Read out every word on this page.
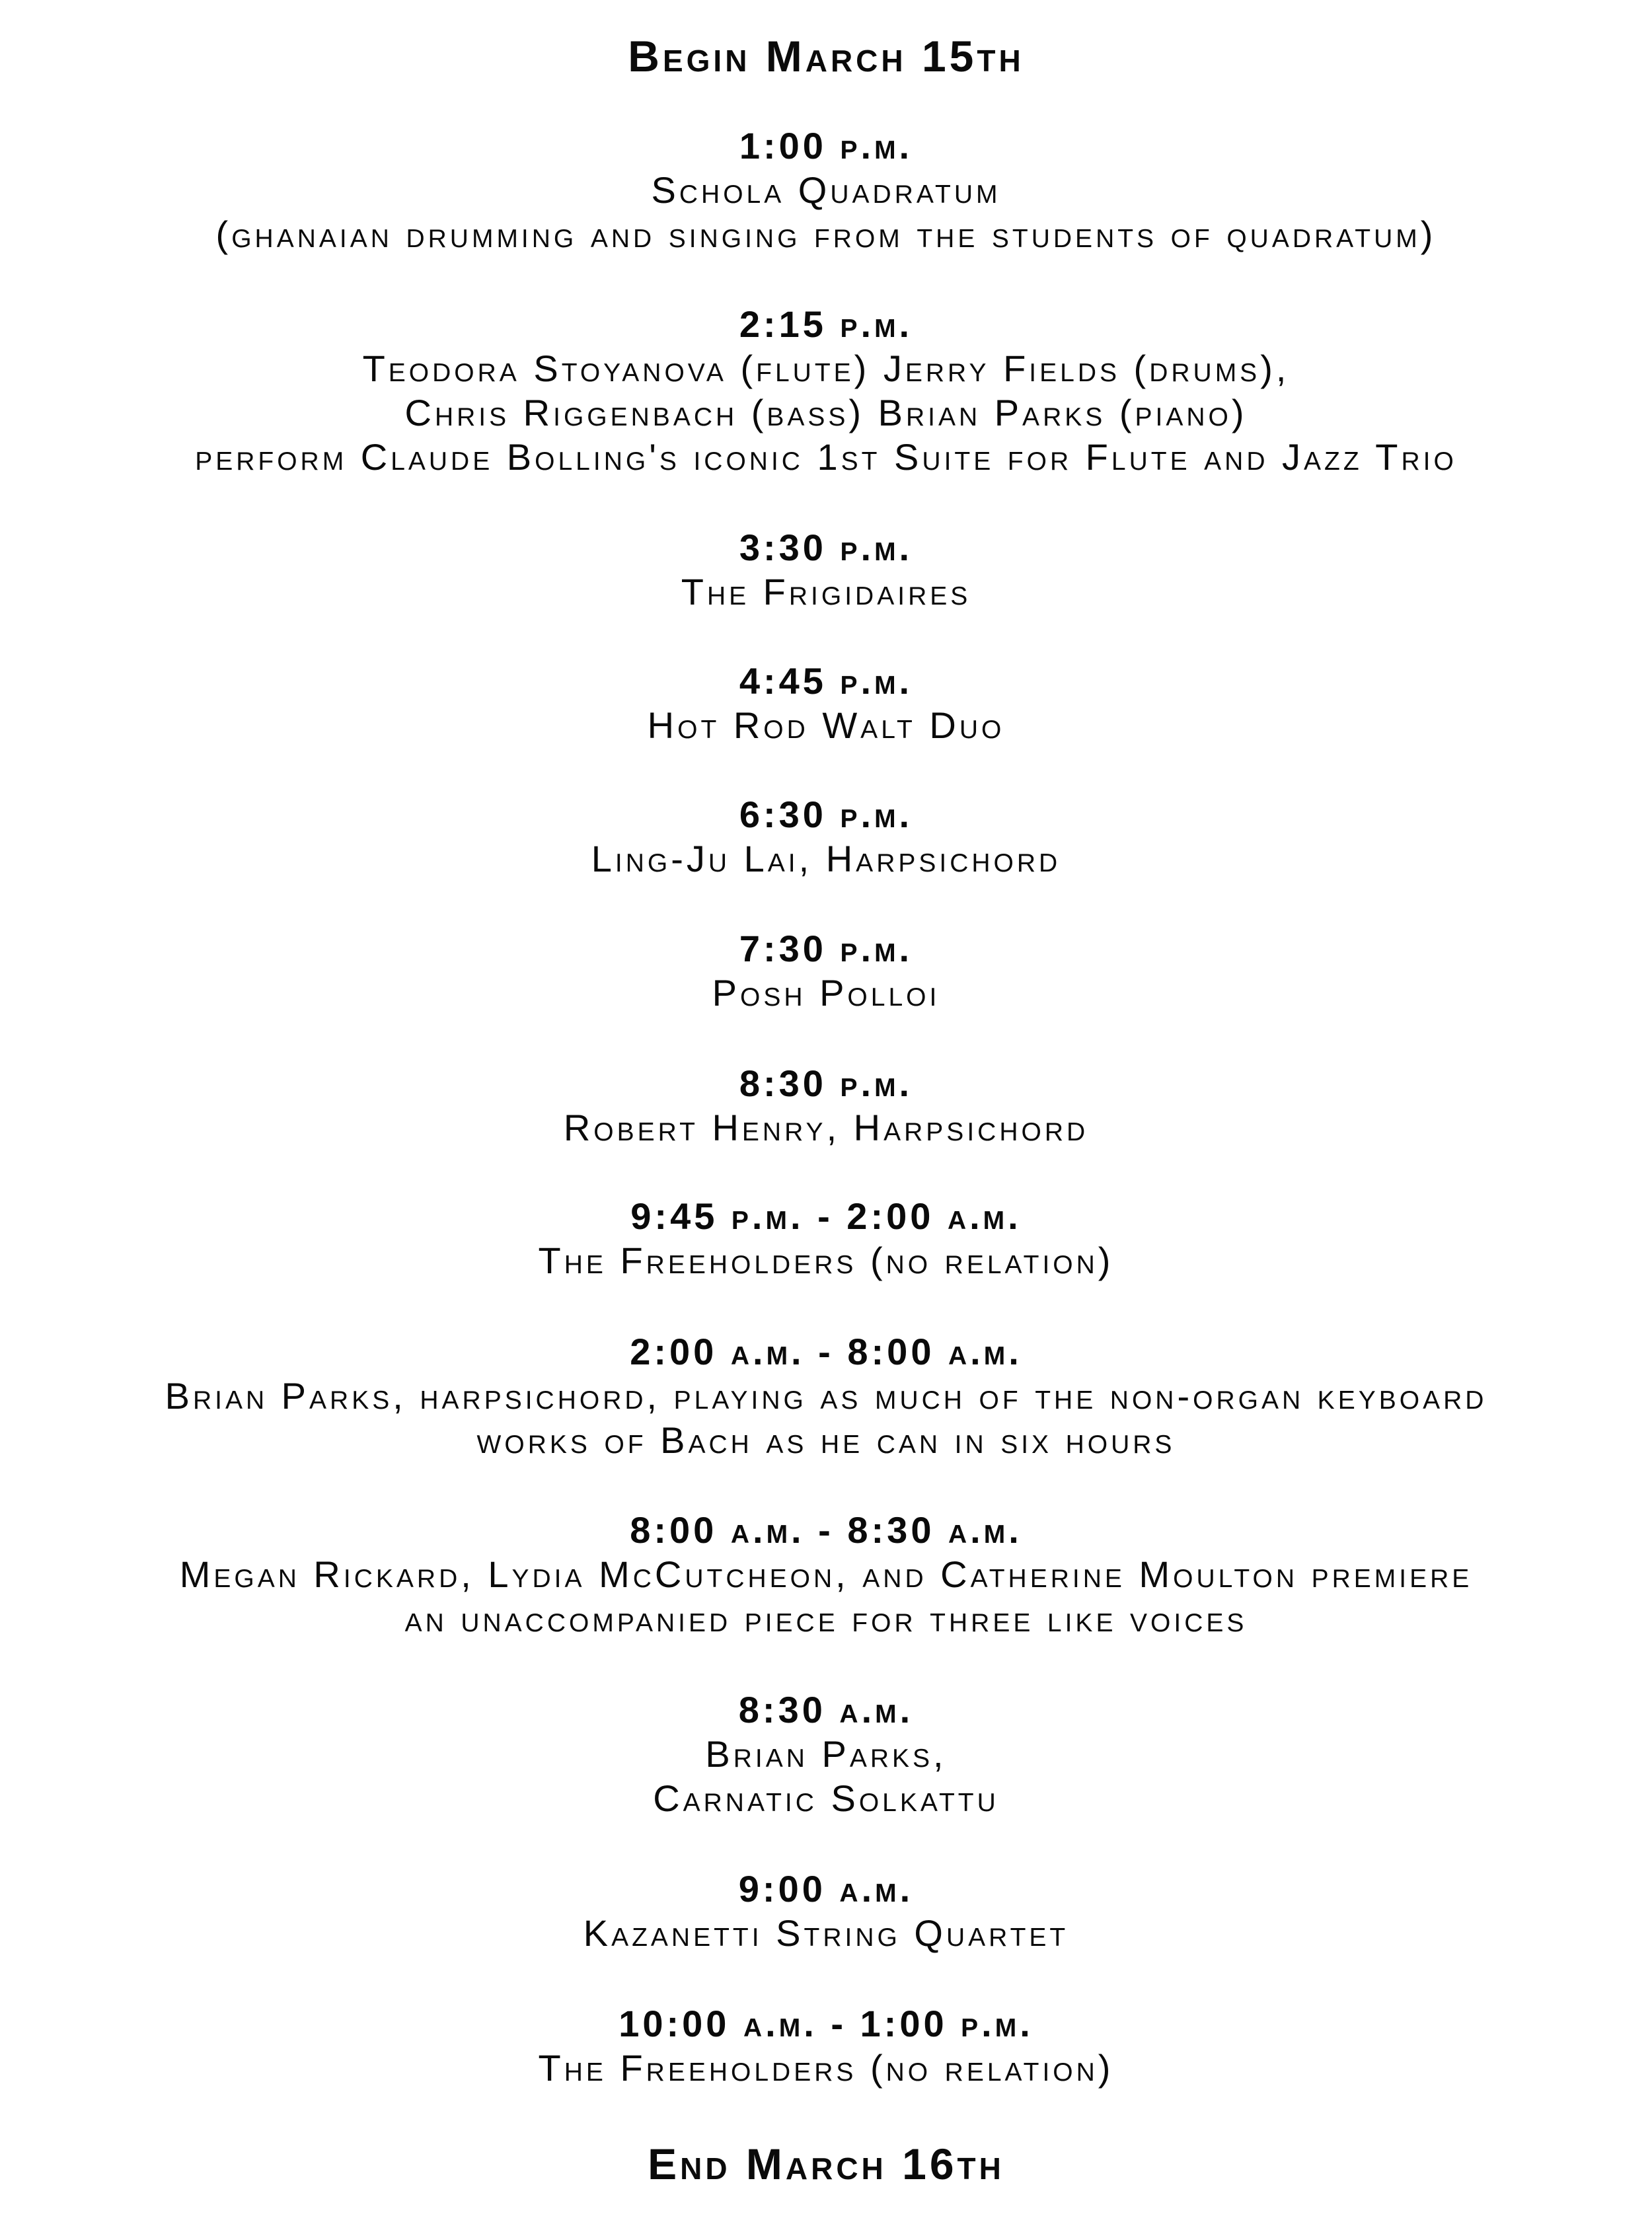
Begin March 15th
1:00 p.m.
Schola Quadratum
(ghanaian drumming and singing from the students of quadratum)
2:15 p.m.
Teodora Stoyanova (flute) Jerry Fields (drums),
Chris Riggenbach (bass) Brian Parks (piano)
perform Claude Bolling's iconic 1st Suite for Flute and Jazz Trio
3:30 p.m.
The Frigidaires
4:45 p.m.
Hot Rod Walt Duo
6:30 p.m.
Ling-Ju Lai, Harpsichord
7:30 p.m.
Posh Polloi
8:30 p.m.
Robert Henry, Harpsichord
9:45 p.m. - 2:00 a.m.
The Freeholders (no relation)
2:00 a.m. - 8:00 a.m.
Brian Parks, harpsichord, playing as much of the non-organ keyboard
works of Bach as he can in six hours
8:00 a.m. - 8:30 a.m.
Megan Rickard, Lydia McCutcheon, and Catherine Moulton premiere
an unaccompanied piece for three like voices
8:30 a.m.
Brian Parks,
Carnatic Solkattu
9:00 a.m.
Kazanetti String Quartet
10:00 a.m. - 1:00 p.m.
The Freeholders (no relation)
End March 16th
